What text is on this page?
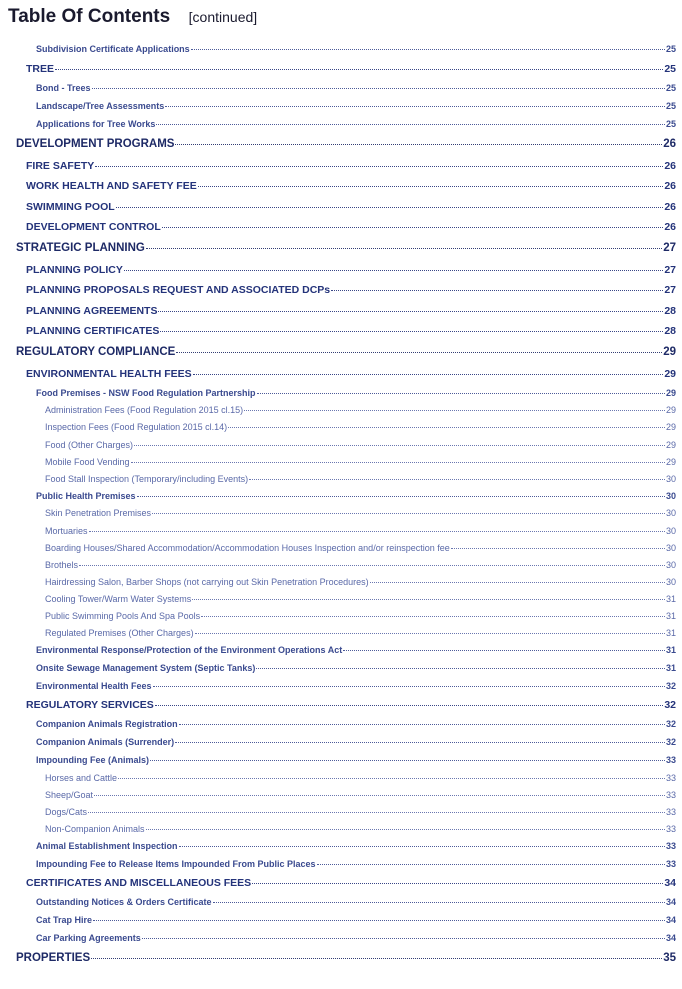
Table Of Contents [continued]
Subdivision Certificate Applications	25
TREE	25
Bond - Trees	25
Landscape/Tree Assessments	25
Applications for Tree Works	25
DEVELOPMENT PROGRAMS	26
FIRE SAFETY	26
WORK HEALTH AND SAFETY FEE	26
SWIMMING POOL	26
DEVELOPMENT CONTROL	26
STRATEGIC PLANNING	27
PLANNING POLICY	27
PLANNING PROPOSALS REQUEST AND ASSOCIATED DCPs	27
PLANNING AGREEMENTS	28
PLANNING CERTIFICATES	28
REGULATORY COMPLIANCE	29
ENVIRONMENTAL HEALTH FEES	29
Food Premises - NSW Food Regulation Partnership	29
Administration Fees (Food Regulation 2015 cl.15)	29
Inspection Fees (Food Regulation 2015 cl.14)	29
Food (Other Charges)	29
Mobile Food Vending	29
Food Stall Inspection (Temporary/including Events)	30
Public Health Premises	30
Skin Penetration Premises	30
Mortuaries	30
Boarding Houses/Shared Accommodation/Accommodation Houses Inspection and/or reinspection fee	30
Brothels	30
Hairdressing Salon, Barber Shops (not carrying out Skin Penetration Procedures)	30
Cooling Tower/Warm Water Systems	31
Public Swimming Pools And Spa Pools	31
Regulated Premises (Other Charges)	31
Environmental Response/Protection of the Environment Operations Act	31
Onsite Sewage Management System (Septic Tanks)	31
Environmental Health Fees	32
REGULATORY SERVICES	32
Companion Animals Registration	32
Companion Animals (Surrender)	32
Impounding Fee (Animals)	33
Horses and Cattle	33
Sheep/Goat	33
Dogs/Cats	33
Non-Companion Animals	33
Animal Establishment Inspection	33
Impounding Fee to Release Items Impounded From Public Places	33
CERTIFICATES AND MISCELLANEOUS FEES	34
Outstanding Notices & Orders Certificate	34
Cat Trap Hire	34
Car Parking Agreements	34
PROPERTIES	35
